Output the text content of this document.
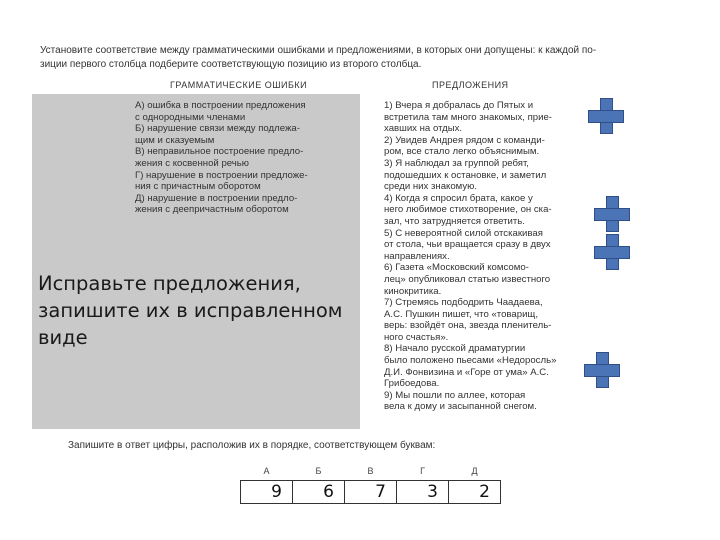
Установите соответствие между грамматическими ошибками и предложениями, в которых они допущены: к каждой по-
зиции первого столбца подберите соответствующую позицию из второго столбца.
ГРАММАТИЧЕСКИЕ ОШИБКИ	ПРЕДЛОЖЕНИЯ
А) ошибка в построении предложения
с однородными членами
Б) нарушение связи между подлежа-
щим и сказуемым
В) неправильное построение предло-
жения с косвенной речью
Г) нарушение в построении предложе-
ния с причастным оборотом
Д) нарушение в построении предло-
жения с деепричастным оборотом
1) Вчера я добралась до Пятых и
встретила там много знакомых, прие-
хавших на отдых.
2) Увидев Андрея рядом с команди-
ром, все стало легко объяснимым.
3) Я наблюдал за группой ребят,
подошедших к остановке, и заметил
среди них знакомую.
4) Когда я спросил брата, какое у
него любимое стихотворение, он ска-
зал, что затрудняется ответить.
5) С невероятной силой отскакивая
от стола, чьи вращается сразу в двух
направлениях.
6) Газета «Московский комсомо-
лец» опубликовал статью известного
кинокритика.
7) Стремясь подбодрить Чаадаева,
А.С. Пушкин пишет, что «товарищ,
верь: взойдёт она, звезда пленитель-
ного счастья».
8) Начало русской драматургии
было положено пьесами «Недоросль»
Д.И. Фонвизина и «Горе от ума» А.С.
Грибоедова.
9) Мы пошли по аллее, которая
вела к дому и засыпанной снегом.
Исправьте предложения, запишите их в исправленном виде
Запишите в ответ цифры, расположив их в порядке, соответствующем буквам:
А	Б	В	Г	Д
9	6	7	3	2
